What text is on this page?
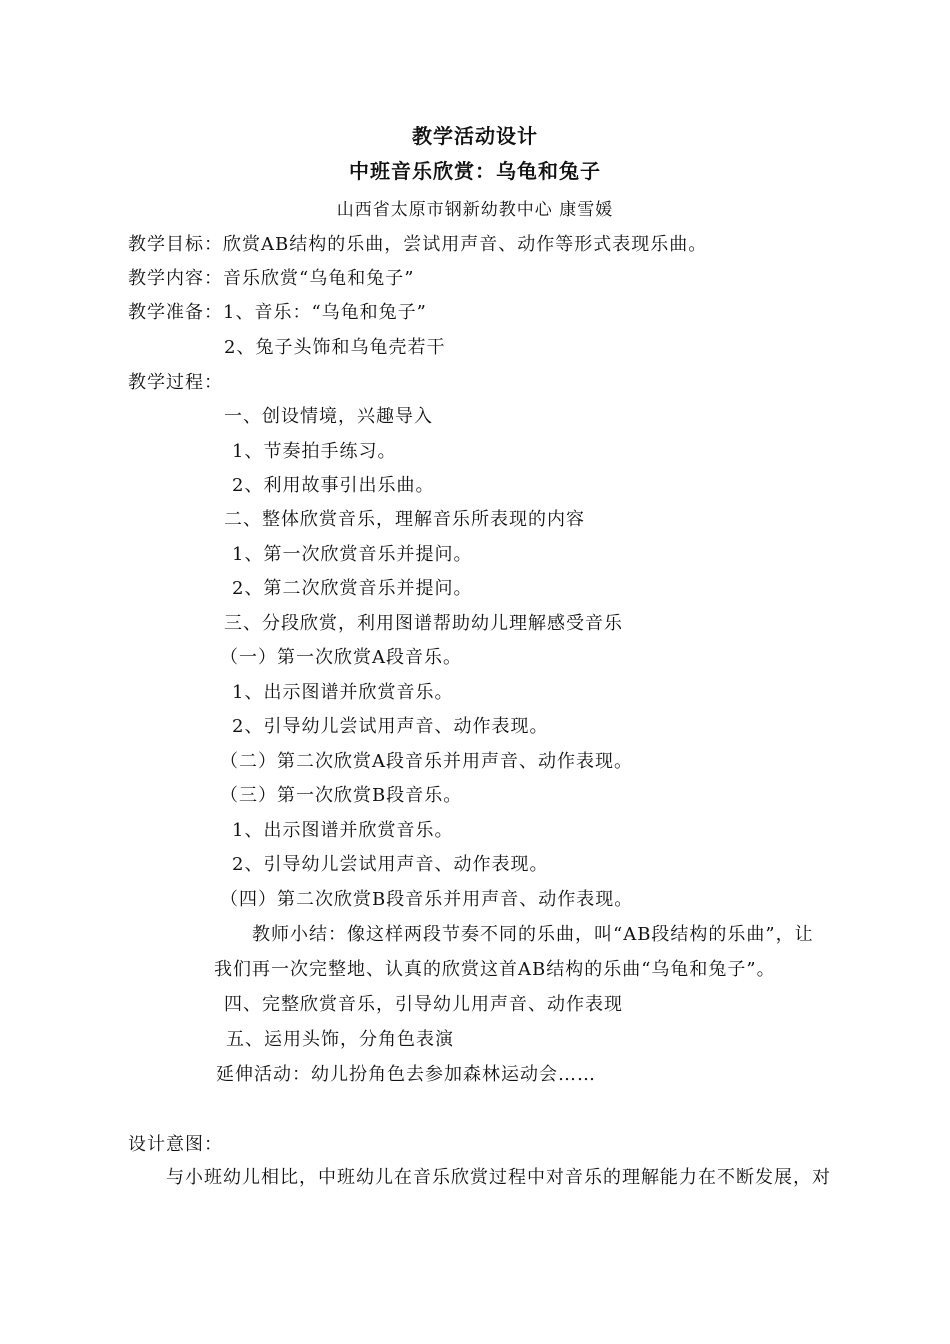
教学活动设计
中班音乐欣赏：乌龟和兔子
山西省太原市钢新幼教中心 康雪媛
教学目标：欣赏AB结构的乐曲，尝试用声音、动作等形式表现乐曲。
教学内容：音乐欣赏“乌龟和兔子”
教学准备：1、音乐：“乌龟和兔子”
2、兔子头饰和乌龟壳若干
教学过程：
一、创设情境，兴趣导入
1、节奏拍手练习。
2、利用故事引出乐曲。
二、整体欣赏音乐，理解音乐所表现的内容
1、第一次欣赏音乐并提问。
2、第二次欣赏音乐并提问。
三、分段欣赏，利用图谱帮助幼儿理解感受音乐
（一）第一次欣赏A段音乐。
1、出示图谱并欣赏音乐。
2、引导幼儿尝试用声音、动作表现。
（二）第二次欣赏A段音乐并用声音、动作表现。
（三）第一次欣赏B段音乐。
1、出示图谱并欣赏音乐。
2、引导幼儿尝试用声音、动作表现。
（四）第二次欣赏B段音乐并用声音、动作表现。
教师小结：像这样两段节奏不同的乐曲，叫“AB段结构的乐曲”，让
我们再一次完整地、认真的欣赏这首AB结构的乐曲“乌龟和兔子”。
四、完整欣赏音乐，引导幼儿用声音、动作表现
五、运用头饰，分角色表演
延伸活动：幼儿扮角色去参加森林运动会……
设计意图：
与小班幼儿相比，中班幼儿在音乐欣赏过程中对音乐的理解能力在不断发展，对
